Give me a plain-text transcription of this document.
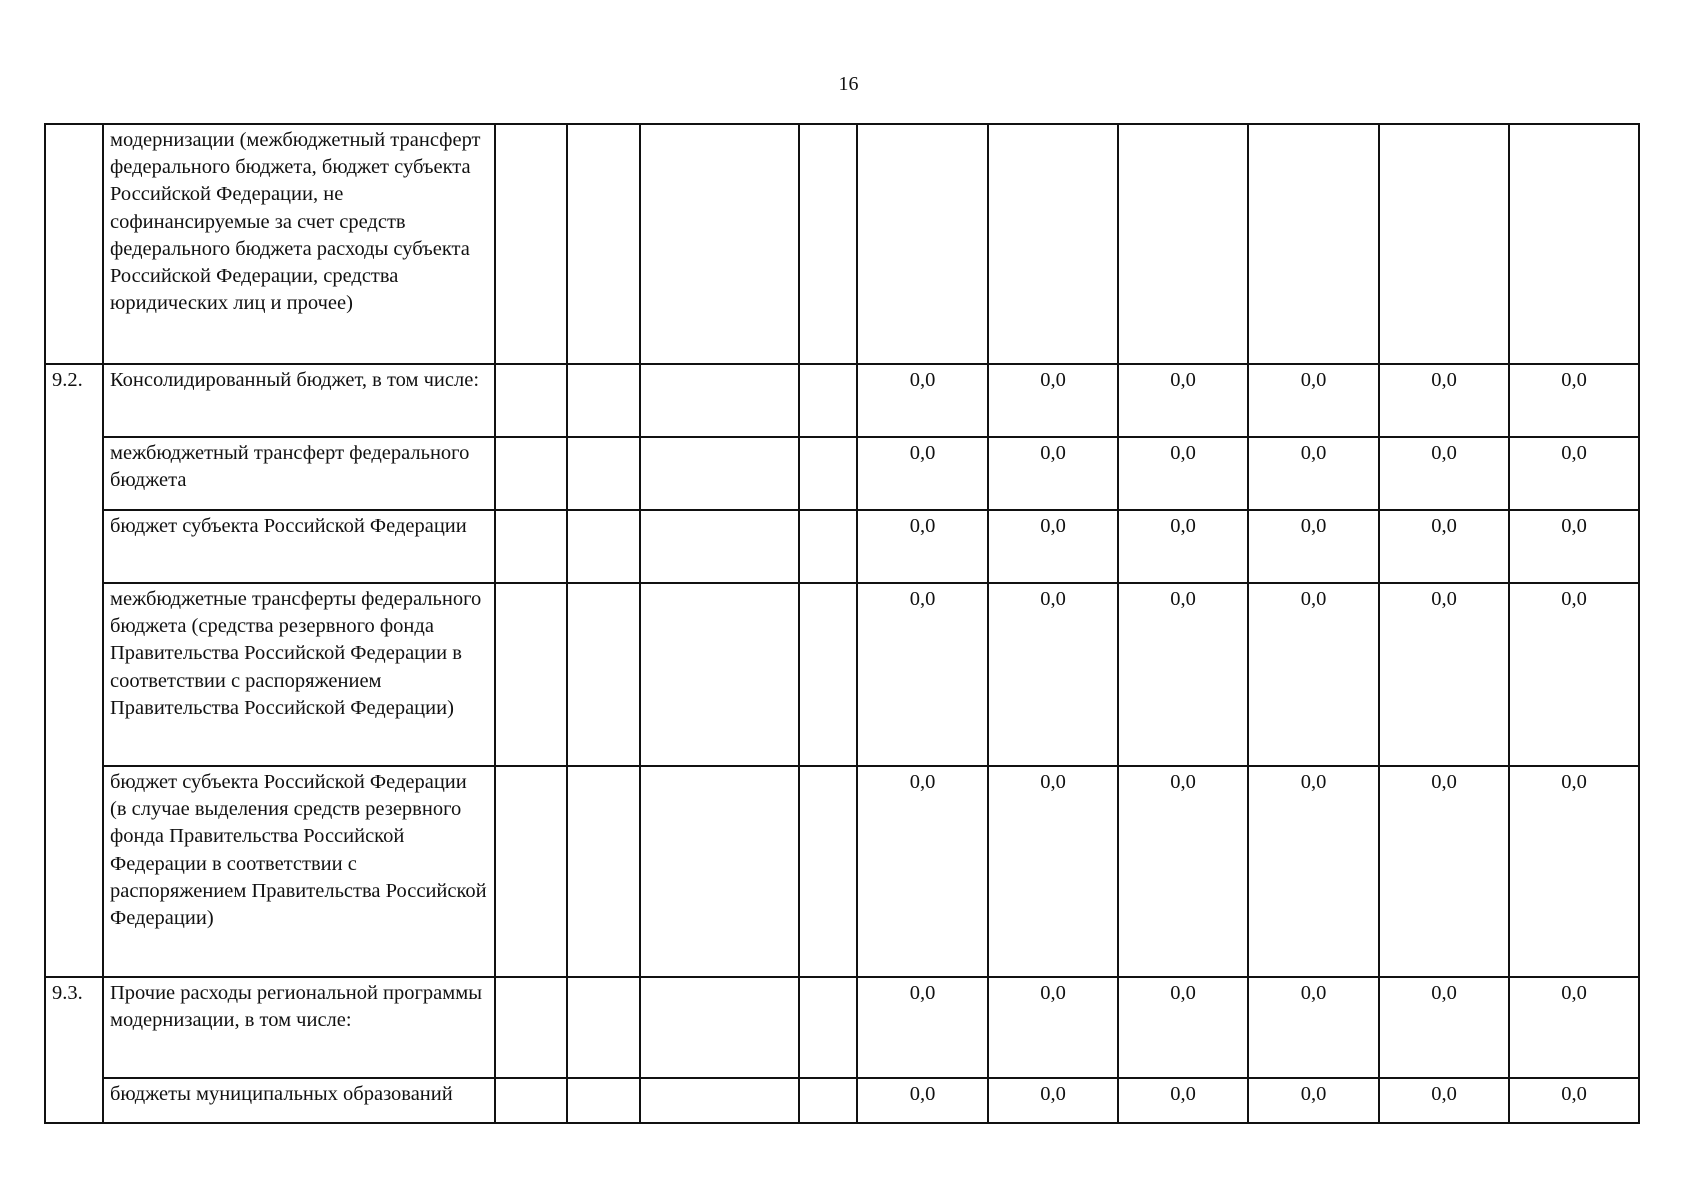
16
	модернизации (межбюджетный трансферт федерального бюджета, бюджет субъекта Российской Федерации, не софинансируемые за счет средств федерального бюджета расходы субъекта Российской Федерации, средства юридических лиц и прочее)										
9.2.	Консолидированный бюджет, в том числе:					0,0	0,0	0,0	0,0	0,0	0,0
	межбюджетный трансферт федерального бюджета					0,0	0,0	0,0	0,0	0,0	0,0
	бюджет субъекта Российской Федерации					0,0	0,0	0,0	0,0	0,0	0,0
	межбюджетные трансферты федерального бюджета (средства резервного фонда Правительства Российской Федерации в соответствии с распоряжением Правительства Российской Федерации)					0,0	0,0	0,0	0,0	0,0	0,0
	бюджет субъекта Российской Федерации (в случае выделения средств резервного фонда Правительства Российской Федерации в соответствии с распоряжением Правительства Российской Федерации)					0,0	0,0	0,0	0,0	0,0	0,0
9.3.	Прочие расходы региональной программы модернизации, в том числе:					0,0	0,0	0,0	0,0	0,0	0,0
	бюджеты муниципальных образований					0,0	0,0	0,0	0,0	0,0	0,0
